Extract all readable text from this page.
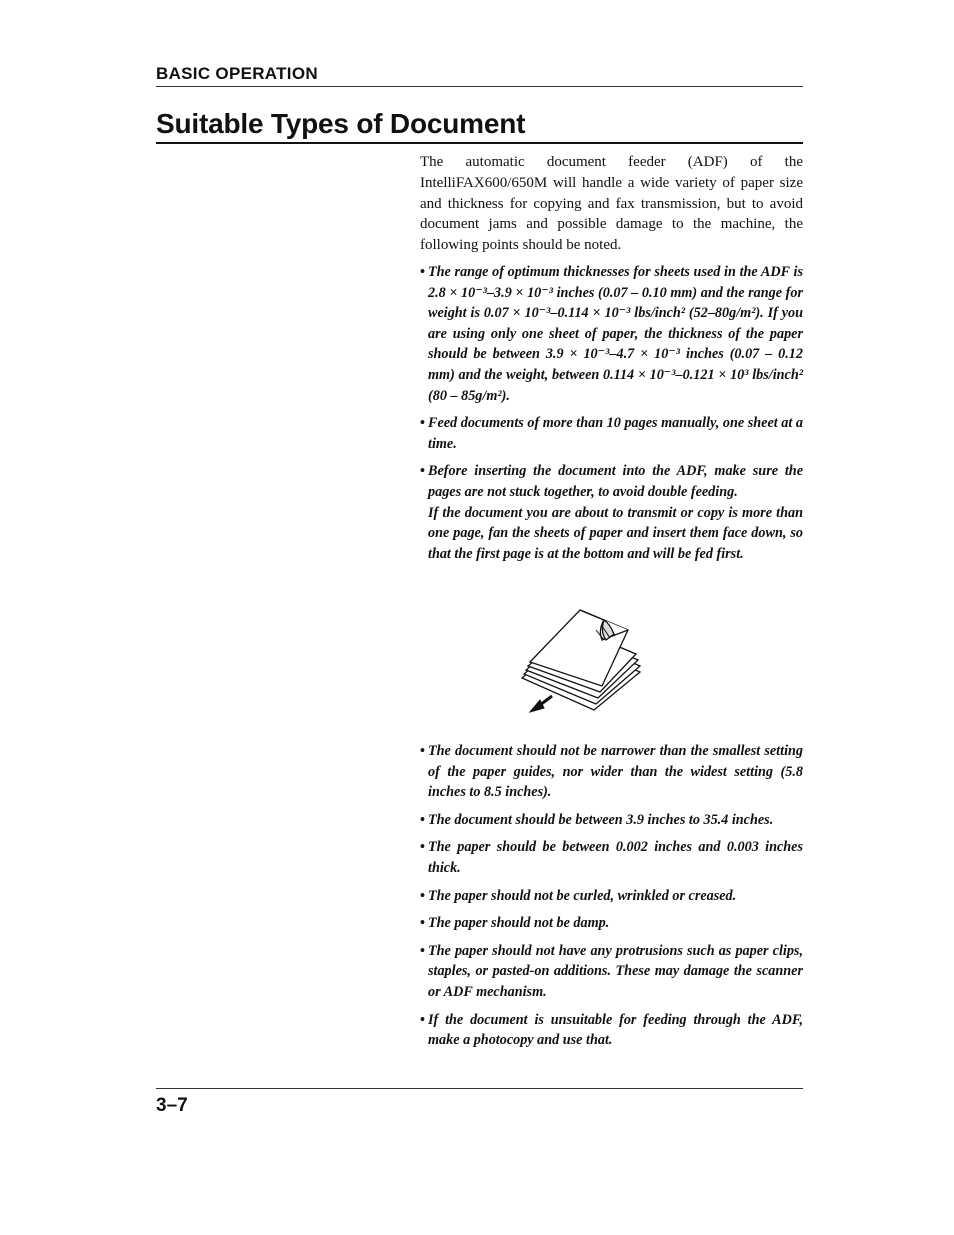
BASIC OPERATION
Suitable Types of Document

The automatic document feeder (ADF) of the IntelliFAX600/650M will handle a wide variety of paper size and thickness for copying and fax transmission, but to avoid document jams and possible damage to the machine, the following points should be noted.

• The range of optimum thicknesses for sheets used in the ADF is 2.8 × 10⁻³–3.9 × 10⁻³ inches (0.07 – 0.10 mm) and the range for weight is 0.07 × 10⁻³–0.114 × 10⁻³ lbs/inch² (52–80g/m²). If you are using only one sheet of paper, the thickness of the paper should be between 3.9 × 10⁻³–4.7 × 10⁻³ inches (0.07 – 0.12 mm) and the weight, between 0.114 × 10⁻³–0.121 × 10³ lbs/inch² (80 – 85g/m²).
• Feed documents of more than 10 pages manually, one sheet at a time.
• Before inserting the document into the ADF, make sure the pages are not stuck together, to avoid double feeding.
If the document you are about to transmit or copy is more than one page, fan the sheets of paper and insert them face down, so that the first page is at the bottom and will be fed first.
• The document should not be narrower than the smallest setting of the paper guides, nor wider than the widest setting (5.8 inches to 8.5 inches).
• The document should be between 3.9 inches to 35.4 inches.
• The paper should be between 0.002 inches and 0.003 inches thick.
• The paper should not be curled, wrinkled or creased.
• The paper should not be damp.
• The paper should not have any protrusions such as paper clips, staples, or pasted-on additions. These may damage the scanner or ADF mechanism.
• If the document is unsuitable for feeding through the ADF, make a photocopy and use that.
3–7
